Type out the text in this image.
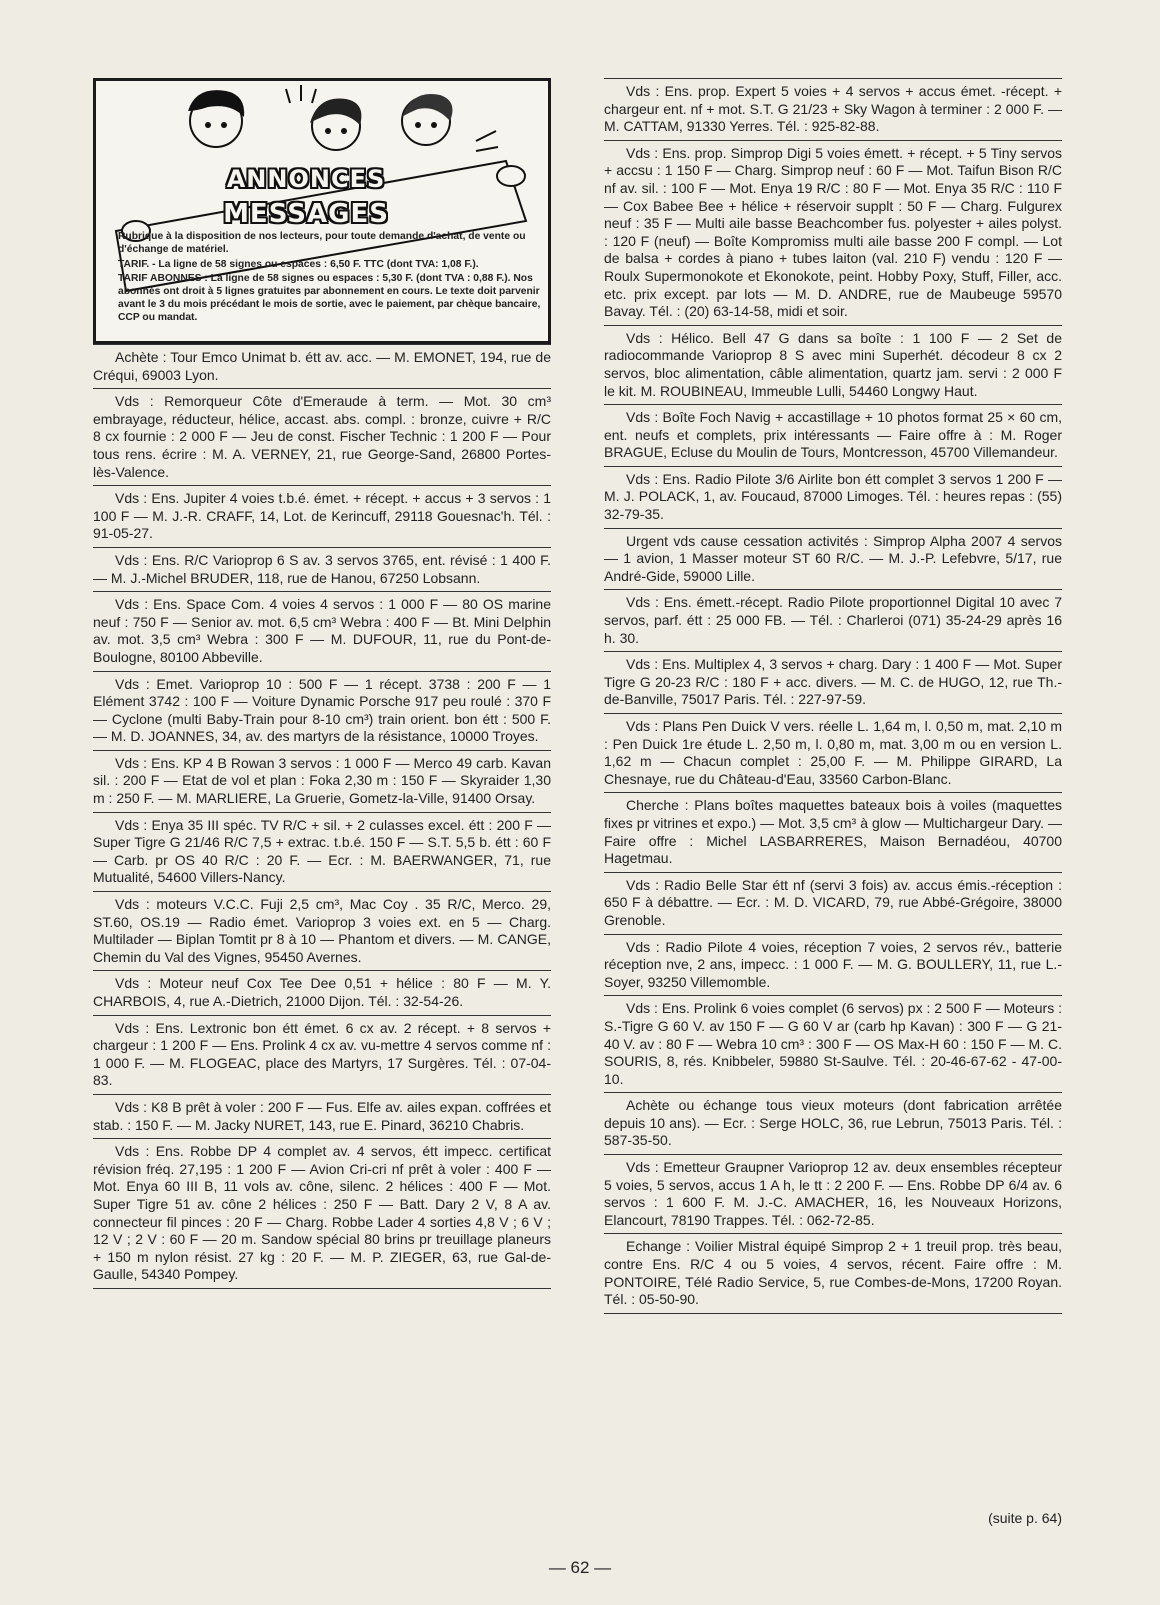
ANNONCES
MESSAGES

Rubrique à la disposition de nos lecteurs, pour toute demande d'achat, de vente ou d'échange de matériel.

TARIF. - La ligne de 58 signes ou espaces : 6,50 F. TTC (dont TVA: 1,08 F.).

TARIF ABONNES : La ligne de 58 signes ou espaces : 5,30 F. (dont TVA : 0,88 F.). Nos abonnés ont droit à 5 lignes gratuites par abonnement en cours. Le texte doit parvenir avant le 3 du mois précédant le mois de sortie, avec le paiement, par chèque bancaire, CCP ou mandat.

Achète : Tour Emco Unimat b. étt av. acc. — M. EMONET, 194, rue de Créqui, 69003 Lyon.

Vds : Remorqueur Côte d'Emeraude à term. — Mot. 30 cm³ embrayage, réducteur, hélice, accast. abs. compl. : bronze, cuivre + R/C 8 cx fournie : 2 000 F — Jeu de const. Fischer Technic : 1 200 F — Pour tous rens. écrire : M. A. VERNEY, 21, rue George-Sand, 26800 Portes-lès-Valence.

Vds : Ens. Jupiter 4 voies t.b.é. émet. + récept. + accus + 3 servos : 1 100 F — M. J.-R. CRAFF, 14, Lot. de Kerincuff, 29118 Gouesnac'h. Tél. : 91-05-27.

Vds : Ens. R/C Varioprop 6 S av. 3 servos 3765, ent. révisé : 1 400 F. — M. J.-Michel BRUDER, 118, rue de Hanou, 67250 Lobsann.

Vds : Ens. Space Com. 4 voies 4 servos : 1 000 F — 80 OS marine neuf : 750 F — Senior av. mot. 6,5 cm³ Webra : 400 F — Bt. Mini Delphin av. mot. 3,5 cm³ Webra : 300 F — M. DUFOUR, 11, rue du Pont-de-Boulogne, 80100 Abbeville.

Vds : Emet. Varioprop 10 : 500 F — 1 récept. 3738 : 200 F — 1 Elément 3742 : 100 F — Voiture Dynamic Porsche 917 peu roulé : 370 F — Cyclone (multi Baby-Train pour 8-10 cm³) train orient. bon étt : 500 F. — M. D. JOANNES, 34, av. des martyrs de la résistance, 10000 Troyes.

Vds : Ens. KP 4 B Rowan 3 servos : 1 000 F — Merco 49 carb. Kavan sil. : 200 F — Etat de vol et plan : Foka 2,30 m : 150 F — Skyraider 1,30 m : 250 F. — M. MARLIERE, La Gruerie, Gometz-la-Ville, 91400 Orsay.

Vds : Enya 35 III spéc. TV R/C + sil. + 2 culasses excel. étt : 200 F — Super Tigre G 21/46 R/C 7,5 + extrac. t.b.é. 150 F — S.T. 5,5 b. étt : 60 F — Carb. pr OS 40 R/C : 20 F. — Ecr. : M. BAERWANGER, 71, rue Mutualité, 54600 Villers-Nancy.

Vds : moteurs V.C.C. Fuji 2,5 cm³, Mac Coy . 35 R/C, Merco. 29, ST.60, OS.19 — Radio émet. Varioprop 3 voies ext. en 5 — Charg. Multilader — Biplan Tomtit pr 8 à 10 — Phantom et divers. — M. CANGE, Chemin du Val des Vignes, 95450 Avernes.

Vds : Moteur neuf Cox Tee Dee 0,51 + hélice : 80 F — M. Y. CHARBOIS, 4, rue A.-Dietrich, 21000 Dijon. Tél. : 32-54-26.

Vds : Ens. Lextronic bon étt émet. 6 cx av. 2 récept. + 8 servos + chargeur : 1 200 F — Ens. Prolink 4 cx av. vu-mettre 4 servos comme nf : 1 000 F. — M. FLOGEAC, place des Martyrs, 17 Surgères. Tél. : 07-04-83.

Vds : K8 B prêt à voler : 200 F — Fus. Elfe av. ailes expan. coffrées et stab. : 150 F. — M. Jacky NURET, 143, rue E. Pinard, 36210 Chabris.

Vds : Ens. Robbe DP 4 complet av. 4 servos, étt impecc. certificat révision fréq. 27,195 : 1 200 F — Avion Cri-cri nf prêt à voler : 400 F — Mot. Enya 60 III B, 11 vols av. cône, silenc. 2 hélices : 400 F — Mot. Super Tigre 51 av. cône 2 hélices : 250 F — Batt. Dary 2 V, 8 A av. connecteur fil pinces : 20 F — Charg. Robbe Lader 4 sorties 4,8 V ; 6 V ; 12 V ; 2 V : 60 F — 20 m. Sandow spécial 80 brins pr treuillage planeurs + 150 m nylon résist. 27 kg : 20 F. — M. P. ZIEGER, 63, rue Gal-de-Gaulle, 54340 Pompey.

Vds : Ens. prop. Expert 5 voies + 4 servos + accus émet. -récept. + chargeur ent. nf + mot. S.T. G 21/23 + Sky Wagon à terminer : 2 000 F. — M. CATTAM, 91330 Yerres. Tél. : 925-82-88.

Vds : Ens. prop. Simprop Digi 5 voies émett. + récept. + 5 Tiny servos + accsu : 1 150 F — Charg. Simprop neuf : 60 F — Mot. Taifun Bison R/C nf av. sil. : 100 F — Mot. Enya 19 R/C : 80 F — Mot. Enya 35 R/C : 110 F — Cox Babee Bee + hélice + réservoir supplt : 50 F — Charg. Fulgurex neuf : 35 F — Multi aile basse Beachcomber fus. polyester + ailes polyst. : 120 F (neuf) — Boîte Kompromiss multi aile basse 200 F compl. — Lot de balsa + cordes à piano + tubes laiton (val. 210 F) vendu : 120 F — Roulx Supermonokote et Ekonokote, peint. Hobby Poxy, Stuff, Filler, acc. etc. prix except. par lots — M. D. ANDRE, rue de Maubeuge 59570 Bavay. Tél. : (20) 63-14-58, midi et soir.

Vds : Hélico. Bell 47 G dans sa boîte : 1 100 F — 2 Set de radiocommande Varioprop 8 S avec mini Superhét. décodeur 8 cx 2 servos, bloc alimentation, câble alimentation, quartz jam. servi : 2 000 F le kit. M. ROUBINEAU, Immeuble Lulli, 54460 Longwy Haut.

Vds : Boîte Foch Navig + accastillage + 10 photos format 25 × 60 cm, ent. neufs et complets, prix intéressants — Faire offre à : M. Roger BRAGUE, Ecluse du Moulin de Tours, Montcresson, 45700 Villemandeur.

Vds : Ens. Radio Pilote 3/6 Airlite bon étt complet 3 servos 1 200 F — M. J. POLACK, 1, av. Foucaud, 87000 Limoges. Tél. : heures repas : (55) 32-79-35.

Urgent vds cause cessation activités : Simprop Alpha 2007 4 servos — 1 avion, 1 Masser moteur ST 60 R/C. — M. J.-P. Lefebvre, 5/17, rue André-Gide, 59000 Lille.

Vds : Ens. émett.-récept. Radio Pilote proportionnel Digital 10 avec 7 servos, parf. étt : 25 000 FB. — Tél. : Charleroi (071) 35-24-29 après 16 h. 30.

Vds : Ens. Multiplex 4, 3 servos + charg. Dary : 1 400 F — Mot. Super Tigre G 20-23 R/C : 180 F + acc. divers. — M. C. de HUGO, 12, rue Th.-de-Banville, 75017 Paris. Tél. : 227-97-59.

Vds : Plans Pen Duick V vers. réelle L. 1,64 m, l. 0,50 m, mat. 2,10 m : Pen Duick 1re étude L. 2,50 m, l. 0,80 m, mat. 3,00 m ou en version L. 1,62 m — Chacun complet : 25,00 F. — M. Philippe GIRARD, La Chesnaye, rue du Château-d'Eau, 33560 Carbon-Blanc.

Cherche : Plans boîtes maquettes bateaux bois à voiles (maquettes fixes pr vitrines et expo.) — Mot. 3,5 cm³ à glow — Multichargeur Dary. — Faire offre : Michel LASBARRERES, Maison Bernadéou, 40700 Hagetmau.

Vds : Radio Belle Star étt nf (servi 3 fois) av. accus émis.-réception : 650 F à débattre. — Ecr. : M. D. VICARD, 79, rue Abbé-Grégoire, 38000 Grenoble.

Vds : Radio Pilote 4 voies, réception 7 voies, 2 servos rév., batterie réception nve, 2 ans, impecc. : 1 000 F. — M. G. BOULLERY, 11, rue L.-Soyer, 93250 Villemomble.

Vds : Ens. Prolink 6 voies complet (6 servos) px : 2 500 F — Moteurs : S.-Tigre G 60 V. av 150 F — G 60 V ar (carb hp Kavan) : 300 F — G 21-40 V. av : 80 F — Webra 10 cm³ : 300 F — OS Max-H 60 : 150 F — M. C. SOURIS, 8, rés. Knibbeler, 59880 St-Saulve. Tél. : 20-46-67-62 - 47-00-10.

Achète ou échange tous vieux moteurs (dont fabrication arrêtée depuis 10 ans). — Ecr. : Serge HOLC, 36, rue Lebrun, 75013 Paris. Tél. : 587-35-50.

Vds : Emetteur Graupner Varioprop 12 av. deux ensembles récepteur 5 voies, 5 servos, accus 1 A h, le tt : 2 200 F. — Ens. Robbe DP 6/4 av. 6 servos : 1 600 F. M. J.-C. AMACHER, 16, les Nouveaux Horizons, Elancourt, 78190 Trappes. Tél. : 062-72-85.

Echange : Voilier Mistral équipé Simprop 2 + 1 treuil prop. très beau, contre Ens. R/C 4 ou 5 voies, 4 servos, récent. Faire offre : M. PONTOIRE, Télé Radio Service, 5, rue Combes-de-Mons, 17200 Royan. Tél. : 05-50-90.

(suite p. 64)
— 62 —
